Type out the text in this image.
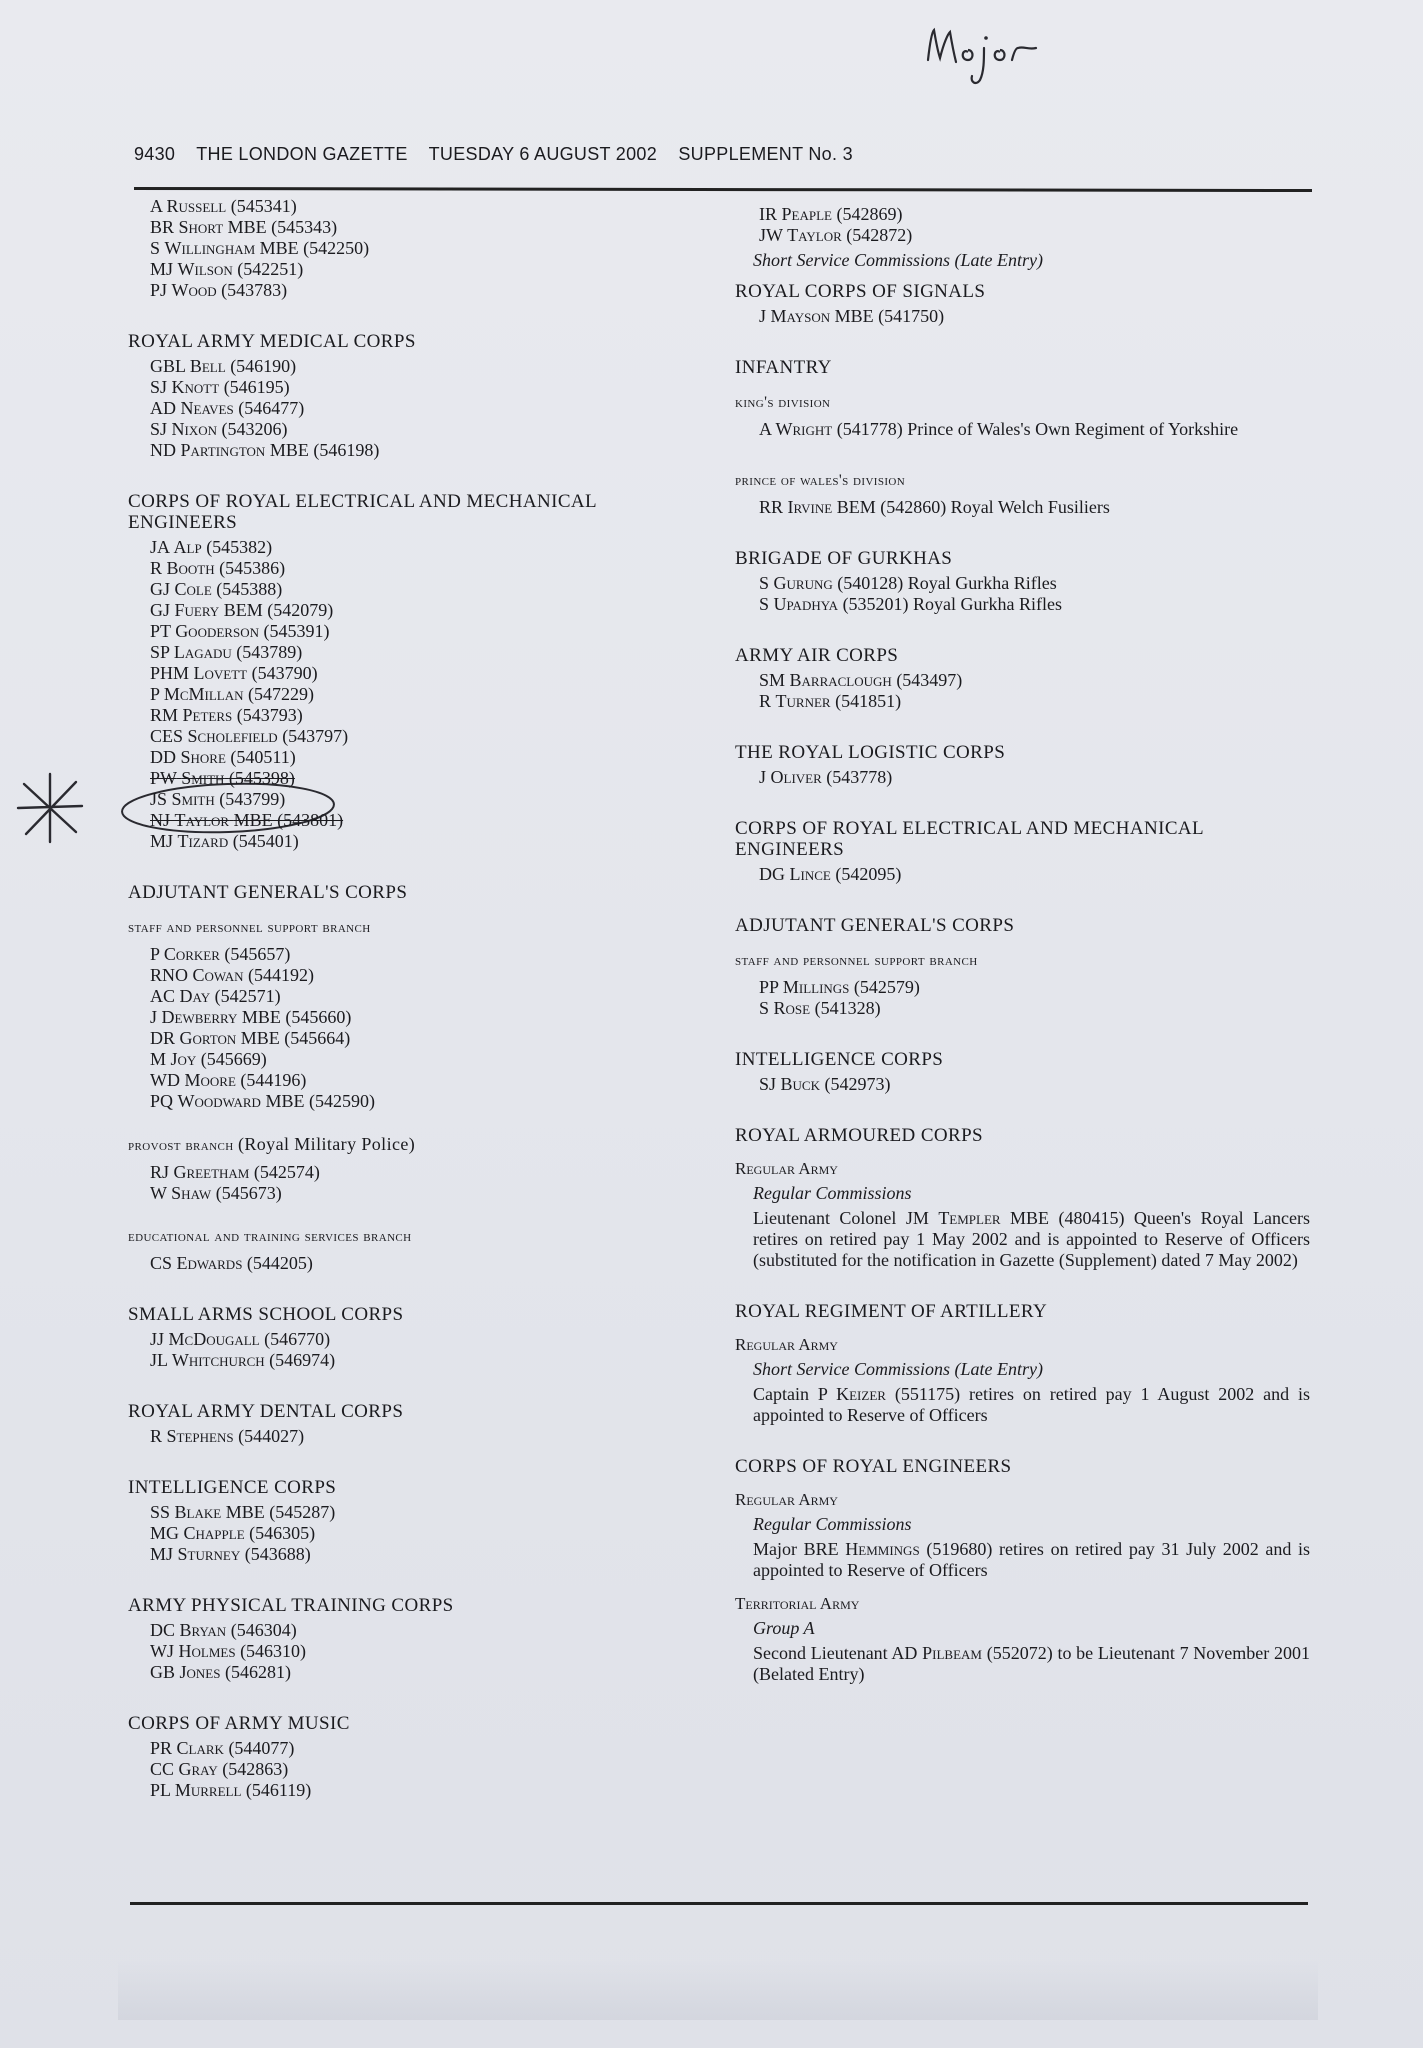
9430 THE LONDON GAZETTE TUESDAY 6 AUGUST 2002 SUPPLEMENT No. 3
A Russell (545341)
BR Short MBE (545343)
S Willingham MBE (542250)
MJ Wilson (542251)
PJ Wood (543783)
ROYAL ARMY MEDICAL CORPS
GBL Bell (546190)
SJ Knott (546195)
AD Neaves (546477)
SJ Nixon (543206)
ND Partington MBE (546198)
CORPS OF ROYAL ELECTRICAL AND MECHANICAL ENGINEERS
JA Alp (545382)
R Booth (545386)
GJ Cole (545388)
GJ Fuery BEM (542079)
PT Gooderson (545391)
SP Lagadu (543789)
PHM Lovett (543790)
P McMillan (547229)
RM Peters (543793)
CES Scholefield (543797)
DD Shore (540511)
PW Smith (545398)
JS Smith (543799)
NJ Taylor MBE (543801)
MJ Tizard (545401)
ADJUTANT GENERAL'S CORPS
staff and personnel support branch
P Corker (545657)
RNO Cowan (544192)
AC Day (542571)
J Dewberry MBE (545660)
DR Gorton MBE (545664)
M Joy (545669)
WD Moore (544196)
PQ Woodward MBE (542590)
provost branch (Royal Military Police)
RJ Greetham (542574)
W Shaw (545673)
educational and training services branch
CS Edwards (544205)
SMALL ARMS SCHOOL CORPS
JJ McDougall (546770)
JL Whitchurch (546974)
ROYAL ARMY DENTAL CORPS
R Stephens (544027)
INTELLIGENCE CORPS
SS Blake MBE (545287)
MG Chapple (546305)
MJ Sturney (543688)
ARMY PHYSICAL TRAINING CORPS
DC Bryan (546304)
WJ Holmes (546310)
GB Jones (546281)
CORPS OF ARMY MUSIC
PR Clark (544077)
CC Gray (542863)
PL Murrell (546119)
IR Peaple (542869)
JW Taylor (542872)
Short Service Commissions (Late Entry)
ROYAL CORPS OF SIGNALS
J Mayson MBE (541750)
INFANTRY
king's division
A Wright (541778) Prince of Wales's Own Regiment of Yorkshire
prince of wales's division
RR Irvine BEM (542860) Royal Welch Fusiliers
BRIGADE OF GURKHAS
S Gurung (540128) Royal Gurkha Rifles
S Upadhya (535201) Royal Gurkha Rifles
ARMY AIR CORPS
SM Barraclough (543497)
R Turner (541851)
THE ROYAL LOGISTIC CORPS
J Oliver (543778)
CORPS OF ROYAL ELECTRICAL AND MECHANICAL ENGINEERS
DG Lince (542095)
ADJUTANT GENERAL'S CORPS
staff and personnel support branch
PP Millings (542579)
S Rose (541328)
INTELLIGENCE CORPS
SJ Buck (542973)
ROYAL ARMOURED CORPS
Regular Army
Regular Commissions
Lieutenant Colonel JM Templer MBE (480415) Queen's Royal Lancers retires on retired pay 1 May 2002 and is appointed to Reserve of Officers (substituted for the notification in Gazette (Supplement) dated 7 May 2002)
ROYAL REGIMENT OF ARTILLERY
Regular Army
Short Service Commissions (Late Entry)
Captain P Keizer (551175) retires on retired pay 1 August 2002 and is appointed to Reserve of Officers
CORPS OF ROYAL ENGINEERS
Regular Army
Regular Commissions
Major BRE Hemmings (519680) retires on retired pay 31 July 2002 and is appointed to Reserve of Officers
Territorial Army
Group A
Second Lieutenant AD Pilbeam (552072) to be Lieutenant 7 November 2001 (Belated Entry)
